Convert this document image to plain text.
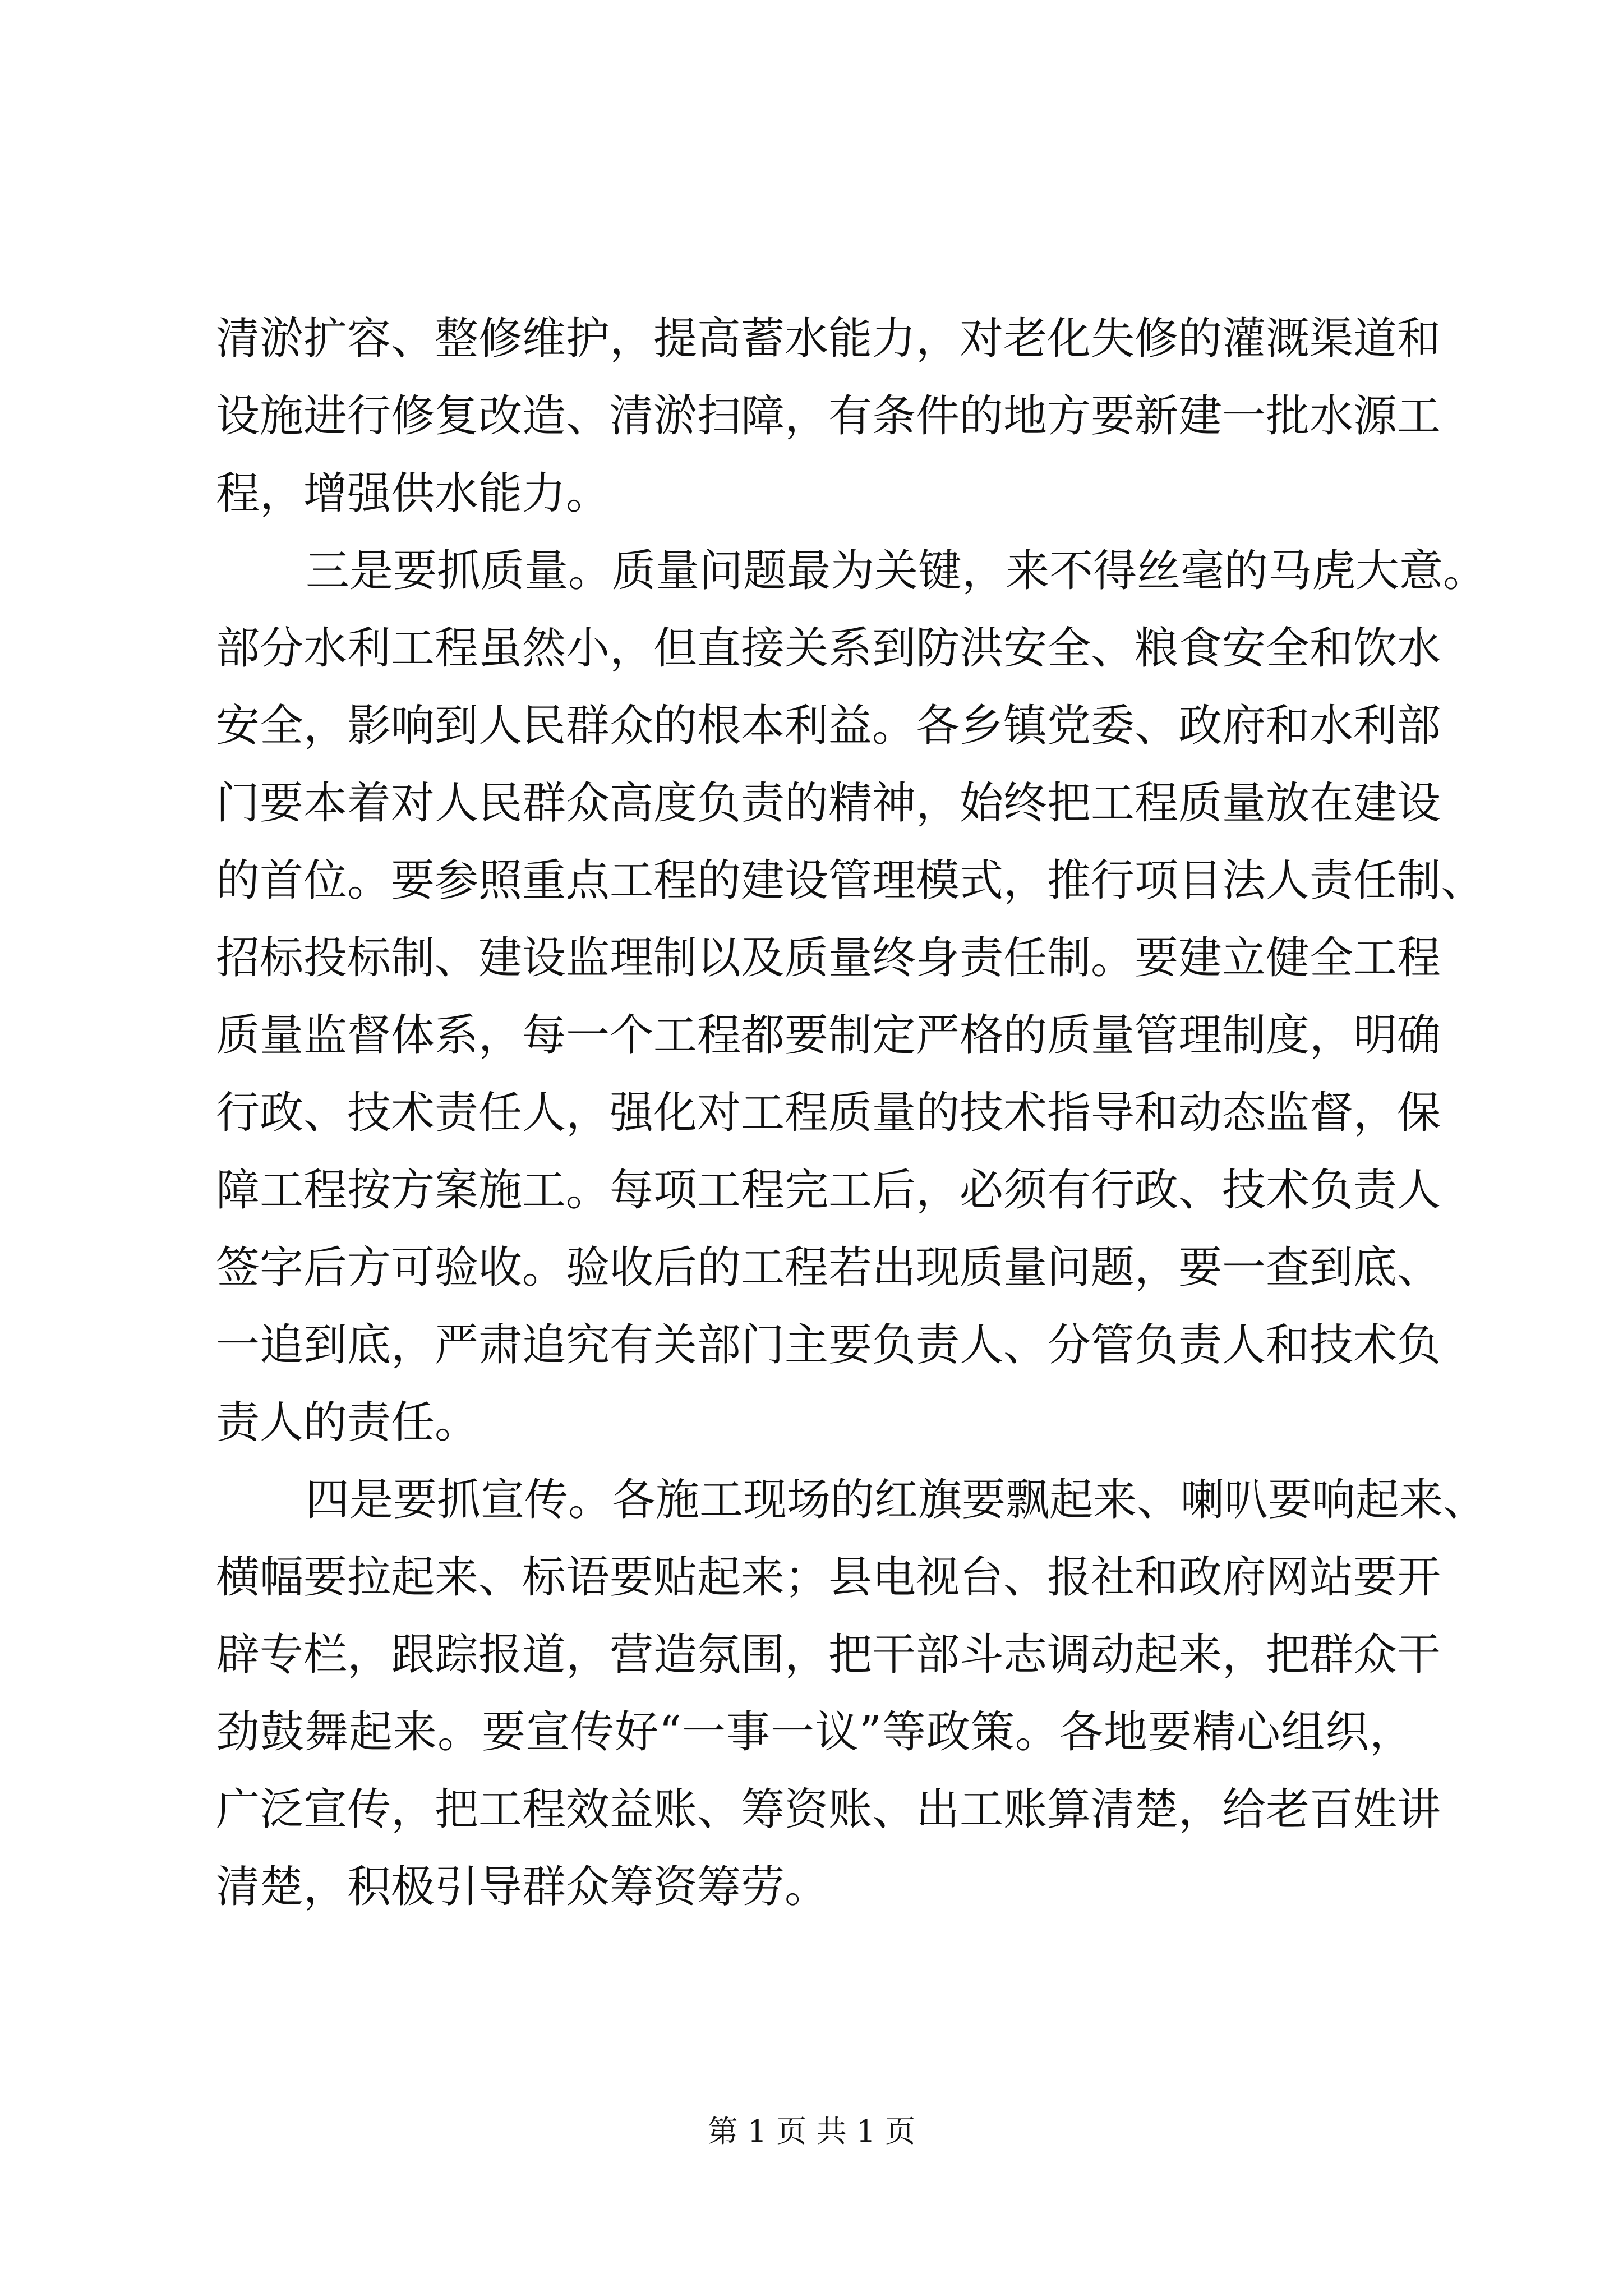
清淤扩容、整修维护，提高蓄水能力，对老化失修的灌溉渠道和
设施进行修复改造、清淤扫障，有条件的地方要新建一批水源工
程，增强供水能力。
三是要抓质量。质量问题最为关键，来不得丝毫的马虎大意。
部分水利工程虽然小，但直接关系到防洪安全、粮食安全和饮水
安全，影响到人民群众的根本利益。各乡镇党委、政府和水利部
门要本着对人民群众高度负责的精神，始终把工程质量放在建设
的首位。要参照重点工程的建设管理模式，推行项目法人责任制、
招标投标制、建设监理制以及质量终身责任制。要建立健全工程
质量监督体系，每一个工程都要制定严格的质量管理制度，明确
行政、技术责任人，强化对工程质量的技术指导和动态监督，保
障工程按方案施工。每项工程完工后，必须有行政、技术负责人
签字后方可验收。验收后的工程若出现质量问题，要一查到底、
一追到底，严肃追究有关部门主要负责人、分管负责人和技术负
责人的责任。
四是要抓宣传。各施工现场的红旗要飘起来、喇叭要响起来、
横幅要拉起来、标语要贴起来；县电视台、报社和政府网站要开
辟专栏，跟踪报道，营造氛围，把干部斗志调动起来，把群众干
劲鼓舞起来。要宣传好“一事一议”等政策。各地要精心组织，
广泛宣传，把工程效益账、筹资账、出工账算清楚，给老百姓讲
清楚，积极引导群众筹资筹劳。
第 1 页 共 1 页
